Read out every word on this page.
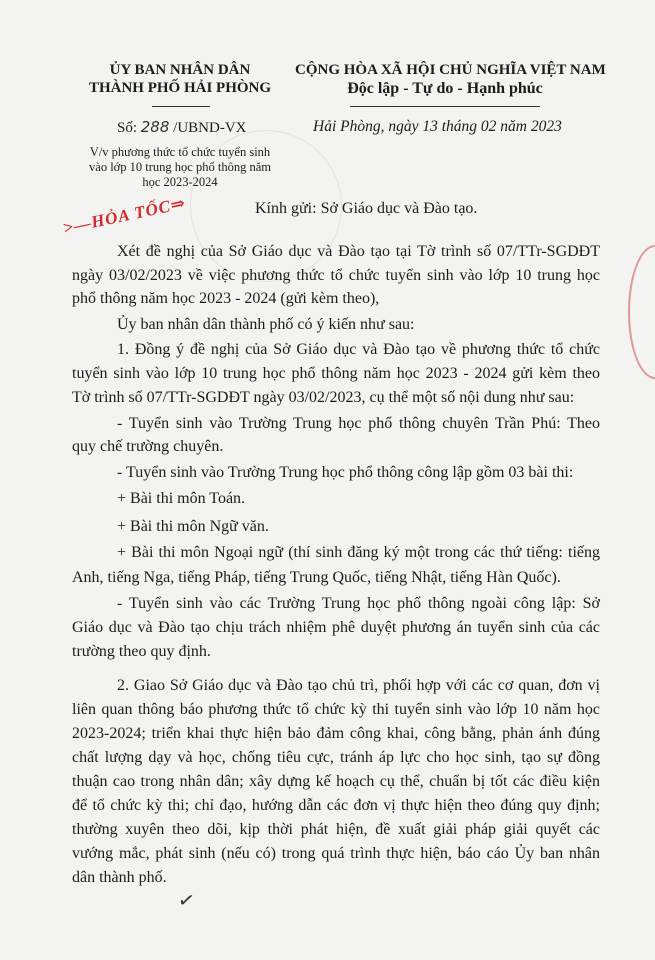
ỦY BAN NHÂN DÂN
THÀNH PHỐ HẢI PHÒNG
CỘNG HÒA XÃ HỘI CHỦ NGHĨA VIỆT NAM
Độc lập - Tự do - Hạnh phúc
Số: 288 /UBND-VX	Hải Phòng, ngày 13 tháng 02 năm 2023
V/v phương thức tổ chức tuyển sinh
vào lớp 10 trung học phổ thông năm
học 2023-2024
>—HỎA TỐC⇒	Kính gửi: Sở Giáo dục và Đào tạo.
Xét đề nghị của Sở Giáo dục và Đào tạo tại Tờ trình số 07/TTr-SGDĐT
ngày 03/02/2023 về việc phương thức tổ chức tuyển sinh vào lớp 10 trung học
phổ thông năm học 2023 - 2024 (gửi kèm theo),
Ủy ban nhân dân thành phố có ý kiến như sau:
1. Đồng ý đề nghị của Sở Giáo dục và Đào tạo về phương thức tổ chức
tuyển sinh vào lớp 10 trung học phổ thông năm học 2023 - 2024 gửi kèm theo
Tờ trình số 07/TTr-SGDĐT ngày 03/02/2023, cụ thể một số nội dung như sau:
- Tuyển sinh vào Trường Trung học phổ thông chuyên Trần Phú: Theo
quy chế trường chuyên.
- Tuyển sinh vào Trường Trung học phổ thông công lập gồm 03 bài thi:
+ Bài thi môn Toán.
+ Bài thi môn Ngữ văn.
+ Bài thi môn Ngoại ngữ (thí sinh đăng ký một trong các thứ tiếng: tiếng
Anh, tiếng Nga, tiếng Pháp, tiếng Trung Quốc, tiếng Nhật, tiếng Hàn Quốc).
- Tuyển sinh vào các Trường Trung học phổ thông ngoài công lập: Sở
Giáo dục và Đào tạo chịu trách nhiệm phê duyệt phương án tuyển sinh của các
trường theo quy định.
2. Giao Sở Giáo dục và Đào tạo chủ trì, phối hợp với các cơ quan, đơn vị
liên quan thông báo phương thức tổ chức kỳ thi tuyển sinh vào lớp 10 năm học
2023-2024; triển khai thực hiện bảo đảm công khai, công bằng, phản ánh đúng
chất lượng dạy và học, chống tiêu cực, tránh áp lực cho học sinh, tạo sự đồng
thuận cao trong nhân dân; xây dựng kế hoạch cụ thể, chuẩn bị tốt các điều kiện
để tổ chức kỳ thi; chỉ đạo, hướng dẫn các đơn vị thực hiện theo đúng quy định;
thường xuyên theo dõi, kịp thời phát hiện, đề xuất giải pháp giải quyết các
vướng mắc, phát sinh (nếu có) trong quá trình thực hiện, báo cáo Ủy ban nhân
dân thành phố.
✓
